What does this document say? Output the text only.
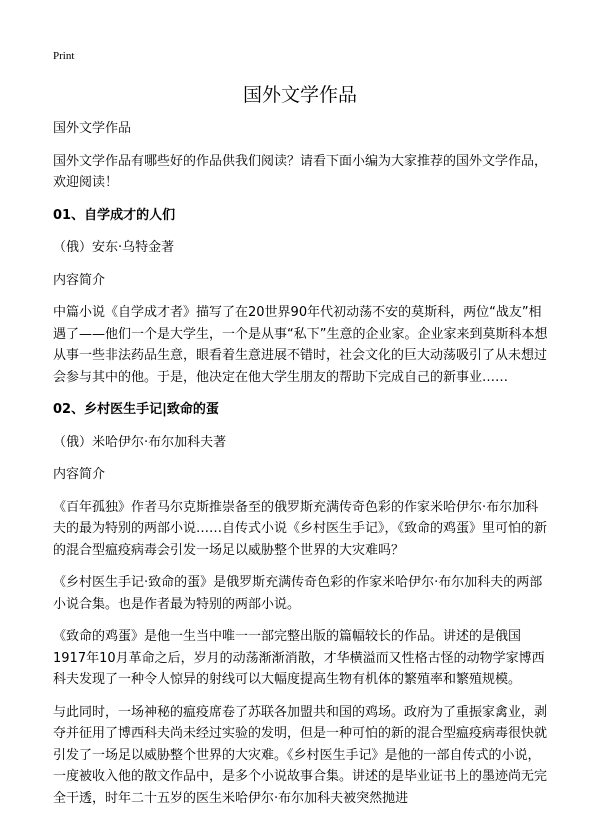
Print
国外文学作品

国外文学作品

国外文学作品有哪些好的作品供我们阅读？请看下面小编为大家推荐的国外文学作品，欢迎阅读！

01、自学成才的人们

（俄）安东·乌特金著

内容简介

中篇小说《自学成才者》描写了在20世界90年代初动荡不安的莫斯科，两位“战友”相遇了——他们一个是大学生，一个是从事“私下”生意的企业家。企业家来到莫斯科本想从事一些非法药品生意，眼看着生意进展不错时，社会文化的巨大动荡吸引了从未想过会参与其中的他。于是，他决定在他大学生朋友的帮助下完成自己的新事业……

02、乡村医生手记|致命的蛋

（俄）米哈伊尔·布尔加科夫著

内容简介

《百年孤独》作者马尔克斯推崇备至的俄罗斯充满传奇色彩的作家米哈伊尔·布尔加科夫的最为特别的两部小说……自传式小说《乡村医生手记》，《致命的鸡蛋》里可怕的新的混合型瘟疫病毒会引发一场足以威胁整个世界的大灾难吗？

《乡村医生手记·致命的蛋》是俄罗斯充满传奇色彩的作家米哈伊尔·布尔加科夫的两部小说合集。也是作者最为特别的两部小说。

《致命的鸡蛋》是他一生当中唯一一部完整出版的篇幅较长的作品。讲述的是俄国1917年10月革命之后，岁月的动荡渐渐消散，才华横溢而又性格古怪的动物学家博西科夫发现了一种令人惊异的射线可以大幅度提高生物有机体的繁殖率和繁殖规模。

与此同时，一场神秘的瘟疫席卷了苏联各加盟共和国的鸡场。政府为了重振家禽业，剥夺并征用了博西科夫尚未经过实验的发明，但是一种可怕的新的混合型瘟疫病毒很快就引发了一场足以威胁整个世界的大灾难。《乡村医生手记》是他的一部自传式的小说，一度被收入他的散文作品中，是多个小说故事合集。讲述的是毕业证书上的墨迹尚无完全干透，时年二十五岁的医生米哈伊尔·布尔加科夫被突然抛进
